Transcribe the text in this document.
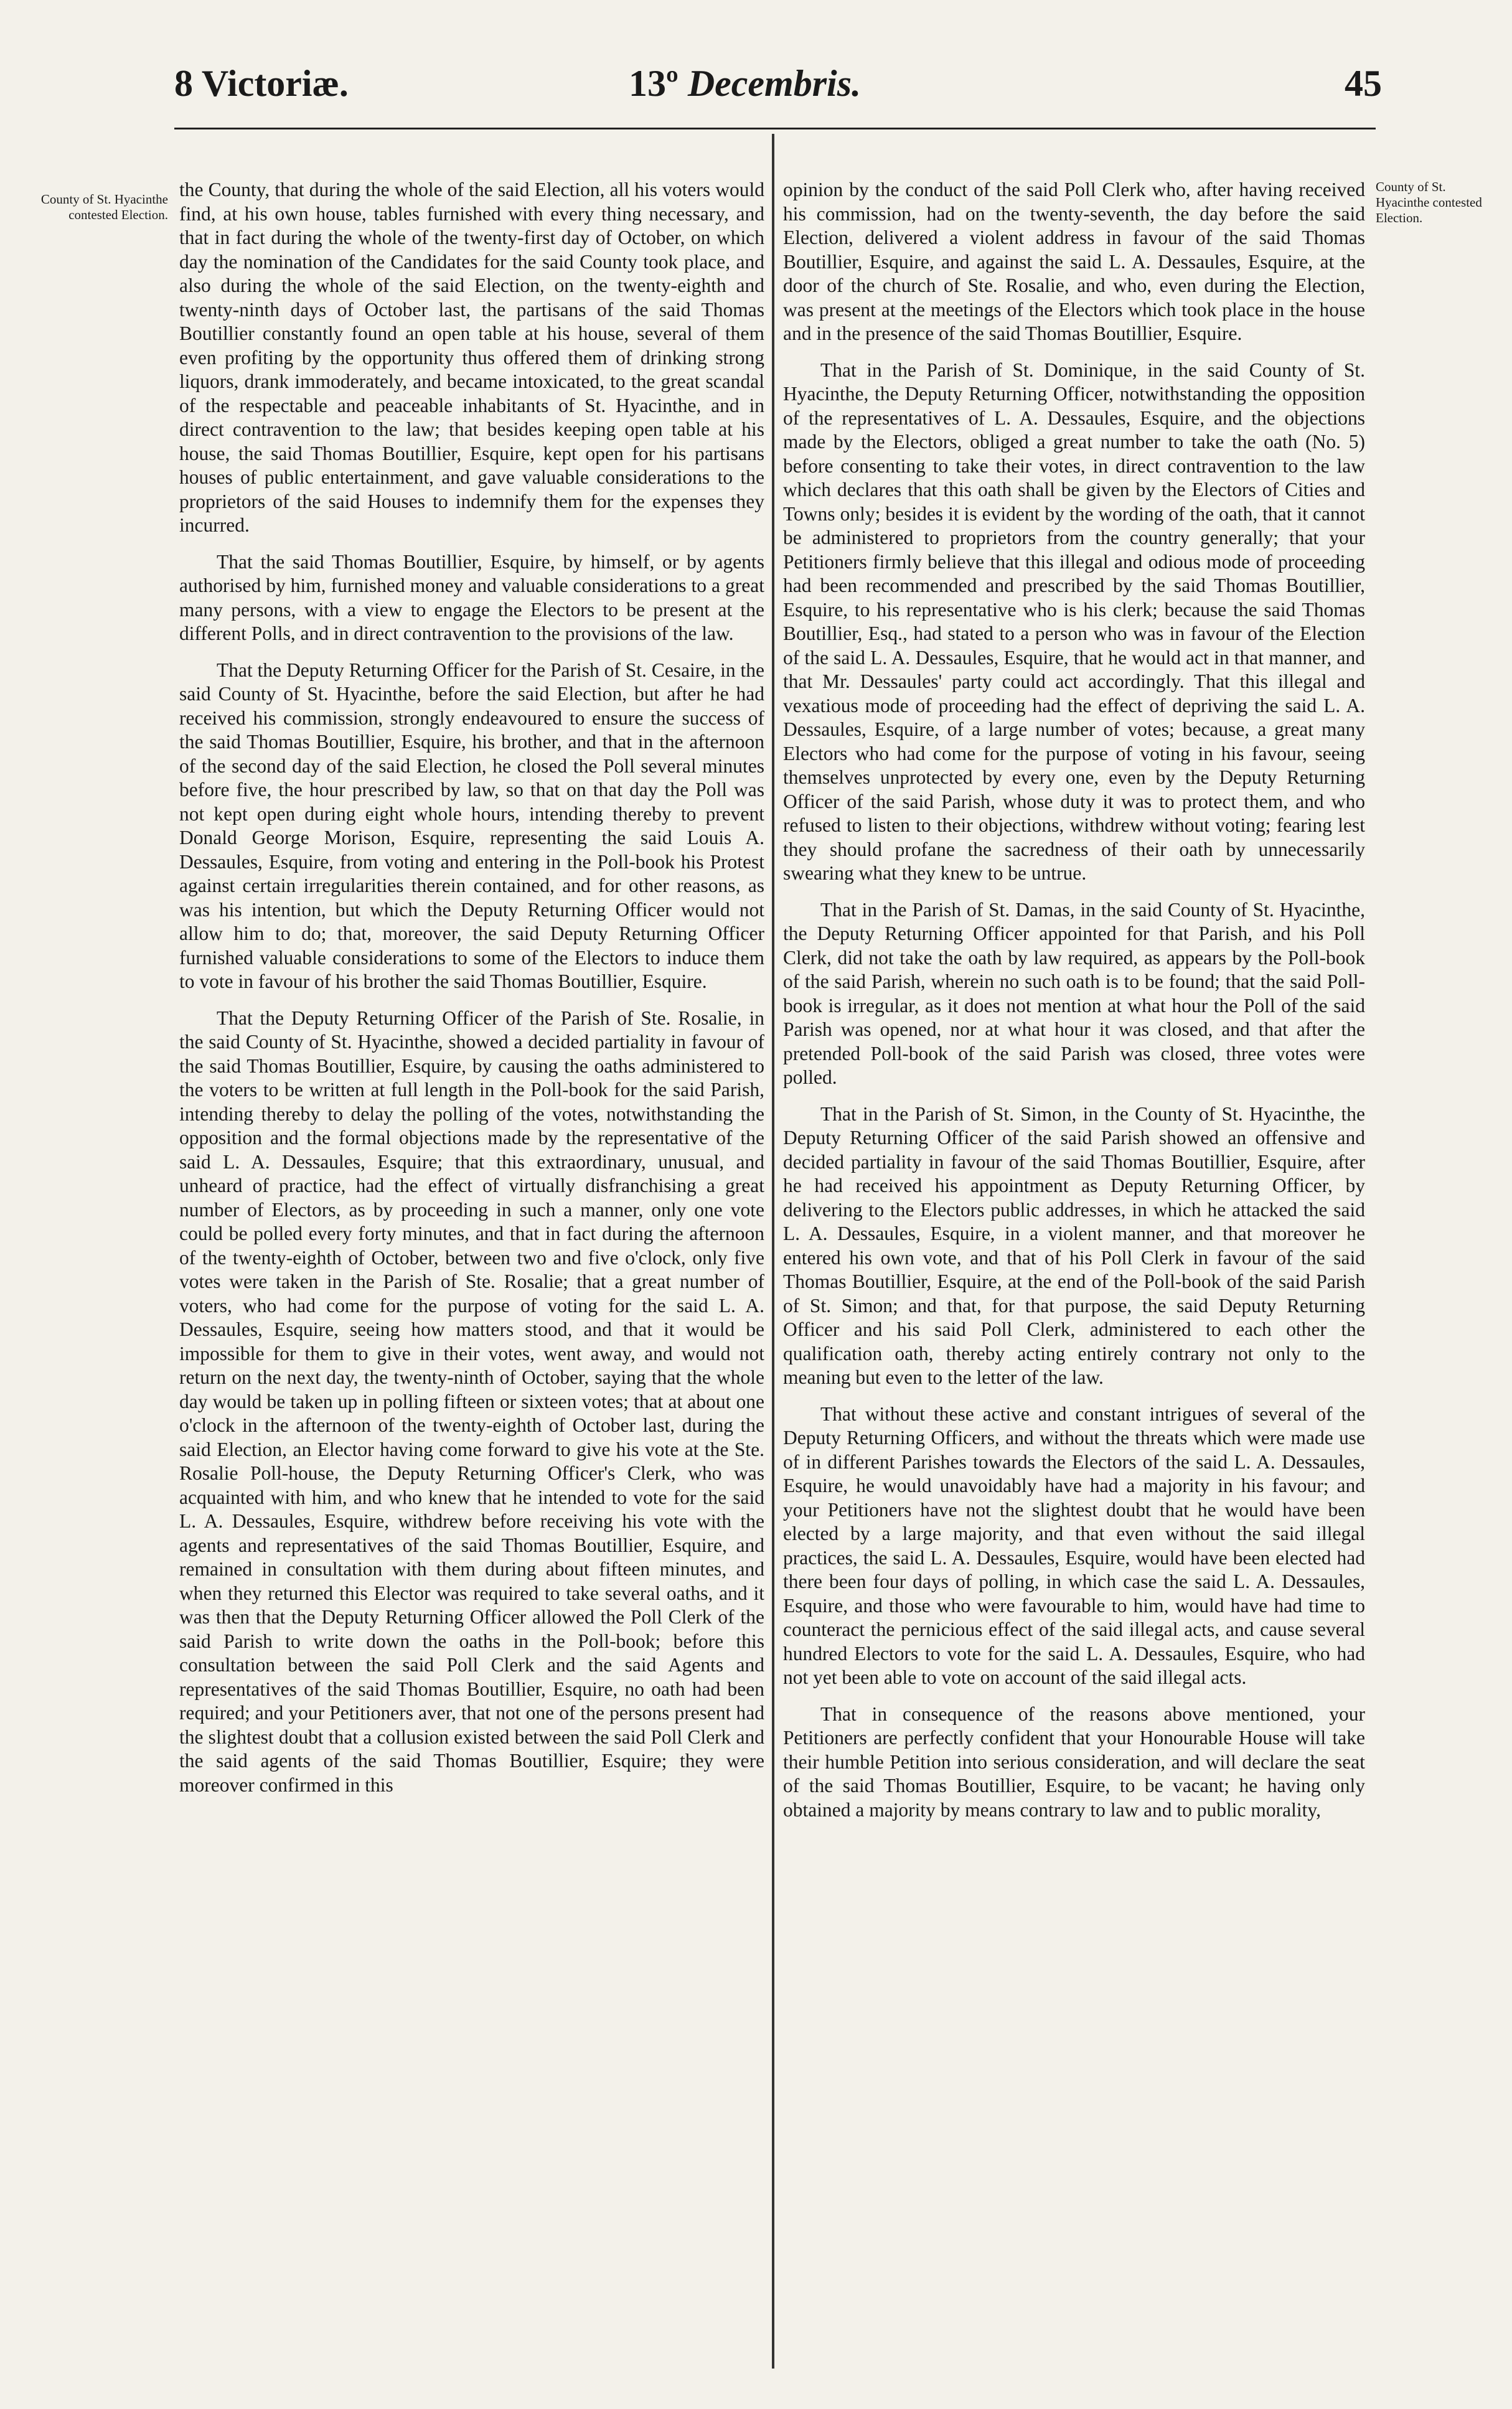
8 Victoriæ.	13º Decembris.	45
County of St. Hyacinthe contested Election.
County of St. Hyacinthe contested Election.

the County, that during the whole of the said Election, all his voters would find, at his own house, tables furnished with every thing necessary, and that in fact during the whole of the twenty-first day of October, on which day the nomination of the Candidates for the said County took place, and also during the whole of the said Election, on the twenty-eighth and twenty-ninth days of October last, the partisans of the said Thomas Boutillier constantly found an open table at his house, several of them even profiting by the opportunity thus offered them of drinking strong liquors, drank immoderately, and became intoxicated, to the great scandal of the respectable and peaceable inhabitants of St. Hyacinthe, and in direct contravention to the law; that besides keeping open table at his house, the said Thomas Boutillier, Esquire, kept open for his partisans houses of public entertainment, and gave valuable considerations to the proprietors of the said Houses to indemnify them for the expenses they incurred.

That the said Thomas Boutillier, Esquire, by himself, or by agents authorised by him, furnished money and valuable considerations to a great many persons, with a view to engage the Electors to be present at the different Polls, and in direct contravention to the provisions of the law.

That the Deputy Returning Officer for the Parish of St. Cesaire, in the said County of St. Hyacinthe, before the said Election, but after he had received his commission, strongly endeavoured to ensure the success of the said Thomas Boutillier, Esquire, his brother, and that in the afternoon of the second day of the said Election, he closed the Poll several minutes before five, the hour prescribed by law, so that on that day the Poll was not kept open during eight whole hours, intending thereby to prevent Donald George Morison, Esquire, representing the said Louis A. Dessaules, Esquire, from voting and entering in the Poll-book his Protest against certain irregularities therein contained, and for other reasons, as was his intention, but which the Deputy Returning Officer would not allow him to do; that, moreover, the said Deputy Returning Officer furnished valuable considerations to some of the Electors to induce them to vote in favour of his brother the said Thomas Boutillier, Esquire.

That the Deputy Returning Officer of the Parish of Ste. Rosalie, in the said County of St. Hyacinthe, showed a decided partiality in favour of the said Thomas Boutillier, Esquire, by causing the oaths administered to the voters to be written at full length in the Poll-book for the said Parish, intending thereby to delay the polling of the votes, notwithstanding the opposition and the formal objections made by the representative of the said L. A. Dessaules, Esquire; that this extraordinary, unusual, and unheard of practice, had the effect of virtually disfranchising a great number of Electors, as by proceeding in such a manner, only one vote could be polled every forty minutes, and that in fact during the afternoon of the twenty-eighth of October, between two and five o'clock, only five votes were taken in the Parish of Ste. Rosalie; that a great number of voters, who had come for the purpose of voting for the said L. A. Dessaules, Esquire, seeing how matters stood, and that it would be impossible for them to give in their votes, went away, and would not return on the next day, the twenty-ninth of October, saying that the whole day would be taken up in polling fifteen or sixteen votes; that at about one o'clock in the afternoon of the twenty-eighth of October last, during the said Election, an Elector having come forward to give his vote at the Ste. Rosalie Poll-house, the Deputy Returning Officer's Clerk, who was acquainted with him, and who knew that he intended to vote for the said L. A. Dessaules, Esquire, withdrew before receiving his vote with the agents and representatives of the said Thomas Boutillier, Esquire, and remained in consultation with them during about fifteen minutes, and when they returned this Elector was required to take several oaths, and it was then that the Deputy Returning Officer allowed the Poll Clerk of the said Parish to write down the oaths in the Poll-book; before this consultation between the said Poll Clerk and the said Agents and representatives of the said Thomas Boutillier, Esquire, no oath had been required; and your Petitioners aver, that not one of the persons present had the slightest doubt that a collusion existed between the said Poll Clerk and the said agents of the said Thomas Boutillier, Esquire; they were moreover confirmed in this

opinion by the conduct of the said Poll Clerk who, after having received his commission, had on the twenty-seventh, the day before the said Election, delivered a violent address in favour of the said Thomas Boutillier, Esquire, and against the said L. A. Dessaules, Esquire, at the door of the church of Ste. Rosalie, and who, even during the Election, was present at the meetings of the Electors which took place in the house and in the presence of the said Thomas Boutillier, Esquire.

That in the Parish of St. Dominique, in the said County of St. Hyacinthe, the Deputy Returning Officer, notwithstanding the opposition of the representatives of L. A. Dessaules, Esquire, and the objections made by the Electors, obliged a great number to take the oath (No. 5) before consenting to take their votes, in direct contravention to the law which declares that this oath shall be given by the Electors of Cities and Towns only; besides it is evident by the wording of the oath, that it cannot be administered to proprietors from the country generally; that your Petitioners firmly believe that this illegal and odious mode of proceeding had been recommended and prescribed by the said Thomas Boutillier, Esquire, to his representative who is his clerk; because the said Thomas Boutillier, Esq., had stated to a person who was in favour of the Election of the said L. A. Dessaules, Esquire, that he would act in that manner, and that Mr. Dessaules' party could act accordingly. That this illegal and vexatious mode of proceeding had the effect of depriving the said L. A. Dessaules, Esquire, of a large number of votes; because, a great many Electors who had come for the purpose of voting in his favour, seeing themselves unprotected by every one, even by the Deputy Returning Officer of the said Parish, whose duty it was to protect them, and who refused to listen to their objections, withdrew without voting; fearing lest they should profane the sacredness of their oath by unnecessarily swearing what they knew to be untrue.

That in the Parish of St. Damas, in the said County of St. Hyacinthe, the Deputy Returning Officer appointed for that Parish, and his Poll Clerk, did not take the oath by law required, as appears by the Poll-book of the said Parish, wherein no such oath is to be found; that the said Poll-book is irregular, as it does not mention at what hour the Poll of the said Parish was opened, nor at what hour it was closed, and that after the pretended Poll-book of the said Parish was closed, three votes were polled.

That in the Parish of St. Simon, in the County of St. Hyacinthe, the Deputy Returning Officer of the said Parish showed an offensive and decided partiality in favour of the said Thomas Boutillier, Esquire, after he had received his appointment as Deputy Returning Officer, by delivering to the Electors public addresses, in which he attacked the said L. A. Dessaules, Esquire, in a violent manner, and that moreover he entered his own vote, and that of his Poll Clerk in favour of the said Thomas Boutillier, Esquire, at the end of the Poll-book of the said Parish of St. Simon; and that, for that purpose, the said Deputy Returning Officer and his said Poll Clerk, administered to each other the qualification oath, thereby acting entirely contrary not only to the meaning but even to the letter of the law.

That without these active and constant intrigues of several of the Deputy Returning Officers, and without the threats which were made use of in different Parishes towards the Electors of the said L. A. Dessaules, Esquire, he would unavoidably have had a majority in his favour; and your Petitioners have not the slightest doubt that he would have been elected by a large majority, and that even without the said illegal practices, the said L. A. Dessaules, Esquire, would have been elected had there been four days of polling, in which case the said L. A. Dessaules, Esquire, and those who were favourable to him, would have had time to counteract the pernicious effect of the said illegal acts, and cause several hundred Electors to vote for the said L. A. Dessaules, Esquire, who had not yet been able to vote on account of the said illegal acts.

That in consequence of the reasons above mentioned, your Petitioners are perfectly confident that your Honourable House will take their humble Petition into serious consideration, and will declare the seat of the said Thomas Boutillier, Esquire, to be vacant; he having only obtained a majority by means contrary to law and to public morality,
